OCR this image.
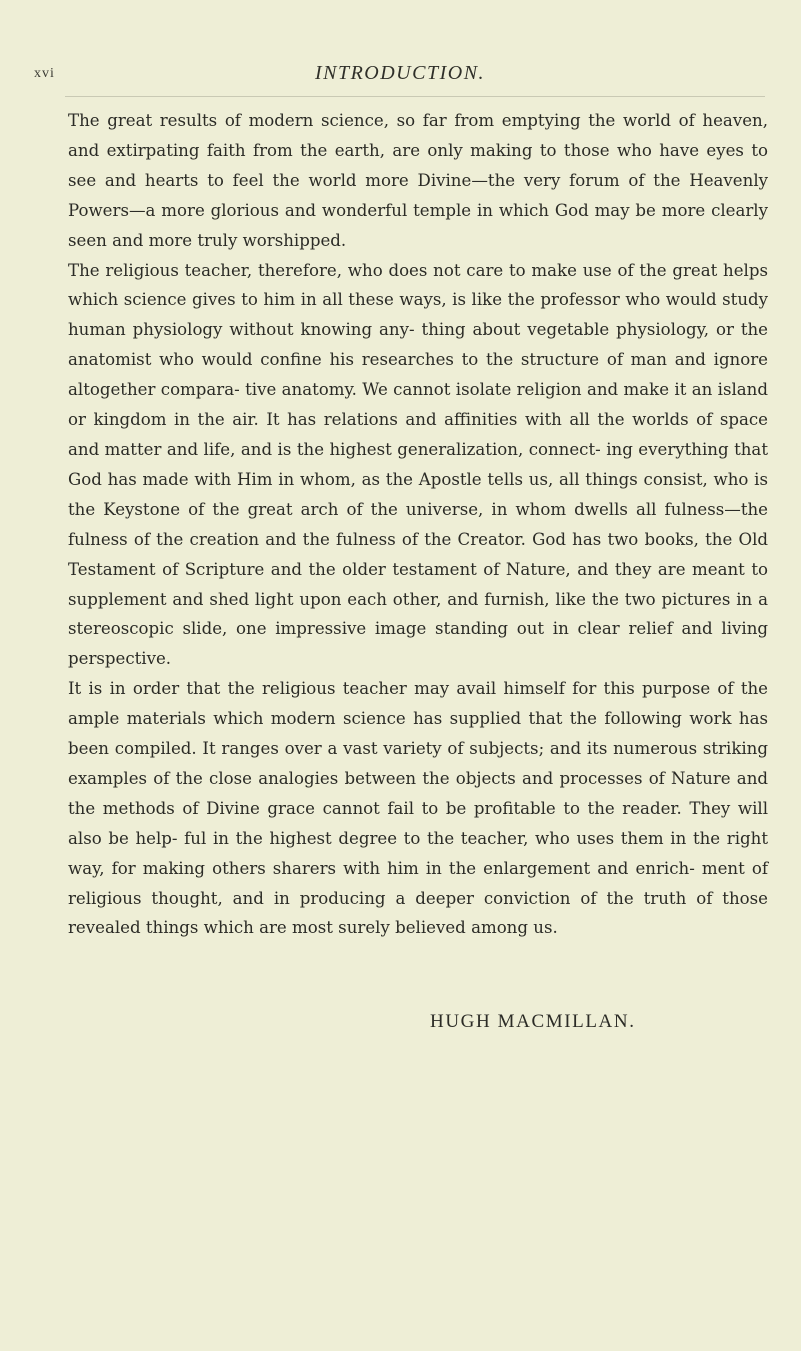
xvi	INTRODUCTION.

The great results of modern science, so far from emptying the world of heaven, and extirpating faith from the earth, are only making to those who have eyes to see and hearts to feel the world more Divine—the very forum of the Heavenly Powers—a more glorious and wonderful temple in which God may be more clearly seen and more truly worshipped.

The religious teacher, therefore, who does not care to make use of the great helps which science gives to him in all these ways, is like the professor who would study human physiology without knowing any- thing about vegetable physiology, or the anatomist who would confine his researches to the structure of man and ignore altogether compara- tive anatomy. We cannot isolate religion and make it an island or kingdom in the air. It has relations and affinities with all the worlds of space and matter and life, and is the highest generalization, connect- ing everything that God has made with Him in whom, as the Apostle tells us, all things consist, who is the Keystone of the great arch of the universe, in whom dwells all fulness—the fulness of the creation and the fulness of the Creator. God has two books, the Old Testament of Scripture and the older testament of Nature, and they are meant to supplement and shed light upon each other, and furnish, like the two pictures in a stereoscopic slide, one impressive image standing out in clear relief and living perspective.

It is in order that the religious teacher may avail himself for this purpose of the ample materials which modern science has supplied that the following work has been compiled. It ranges over a vast variety of subjects; and its numerous striking examples of the close analogies between the objects and processes of Nature and the methods of Divine grace cannot fail to be profitable to the reader. They will also be help- ful in the highest degree to the teacher, who uses them in the right way, for making others sharers with him in the enlargement and enrich- ment of religious thought, and in producing a deeper conviction of the truth of those revealed things which are most surely believed among us.

HUGH MACMILLAN.
